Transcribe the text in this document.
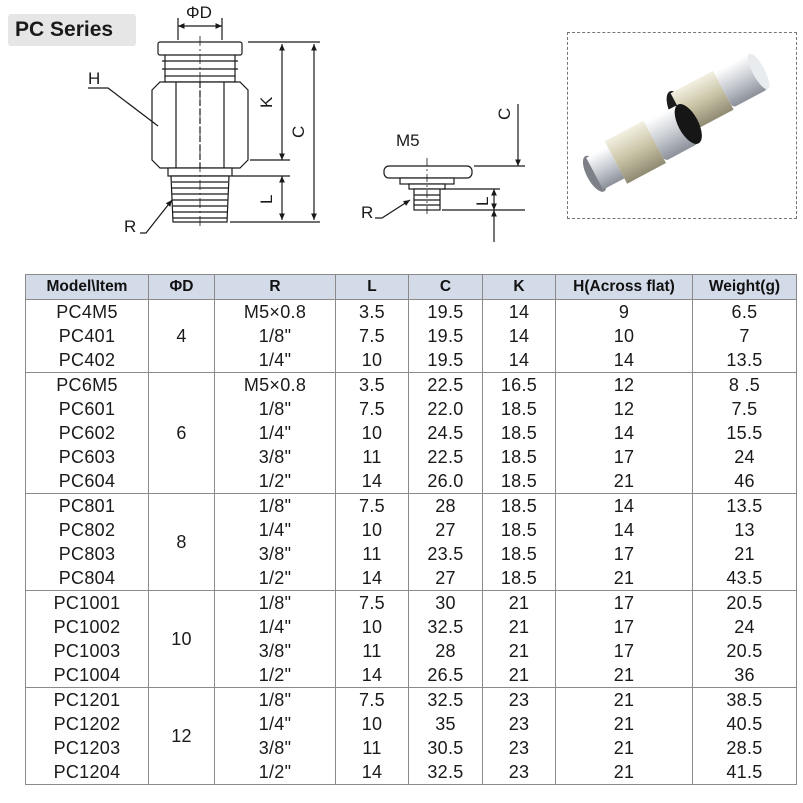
PC Series
ΦD
H
K
C
L
R
M5
C
L
R
Model\Item	ΦD	R	L	C	K	H(Across flat)	Weight(g)
PC4M5	4	M5×0.8	3.5	19.5	14	9	6.5
PC401		1/8"	7.5	19.5	14	10	7
PC402		1/4"	10	19.5	14	14	13.5
PC6M5	6	M5×0.8	3.5	22.5	16.5	12	8 .5
PC601		1/8"	7.5	22.0	18.5	12	7.5
PC602		1/4"	10	24.5	18.5	14	15.5
PC603		3/8"	11	22.5	18.5	17	24
PC604		1/2"	14	26.0	18.5	21	46
PC801	8	1/8"	7.5	28	18.5	14	13.5
PC802		1/4"	10	27	18.5	14	13
PC803		3/8"	11	23.5	18.5	17	21
PC804		1/2"	14	27	18.5	21	43.5
PC1001	10	1/8"	7.5	30	21	17	20.5
PC1002		1/4"	10	32.5	21	17	24
PC1003		3/8"	11	28	21	17	20.5
PC1004		1/2"	14	26.5	21	21	36
PC1201	12	1/8"	7.5	32.5	23	21	38.5
PC1202		1/4"	10	35	23	21	40.5
PC1203		3/8"	11	30.5	23	21	28.5
PC1204		1/2"	14	32.5	23	21	41.5
